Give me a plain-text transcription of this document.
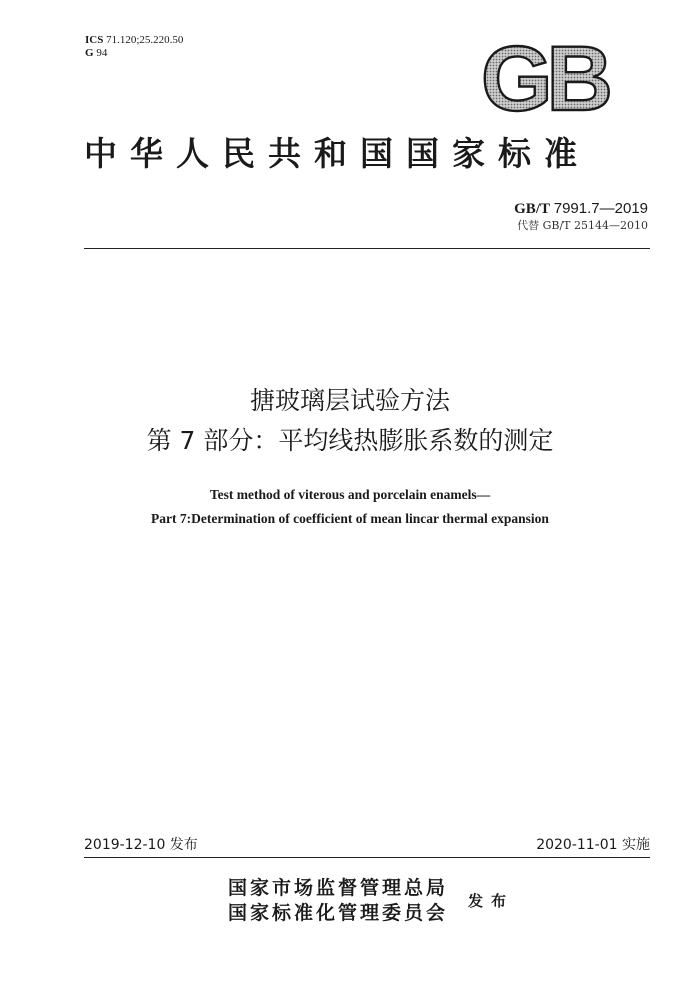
ICS 71.120;25.220.50
G 94	GB
中华人民共和国国家标准
GB/T 7991.7—2019
代替 GB/T 25144—2010
搪玻璃层试验方法
第 7 部分：平均线热膨胀系数的测定
Test method of viterous and porcelain enamels—
Part 7:Determination of coefficient of mean lincar thermal expansion
2019-12-10 发布	2020-11-01 实施
国家市场监督管理总局
国家标准化管理委员会
发布
